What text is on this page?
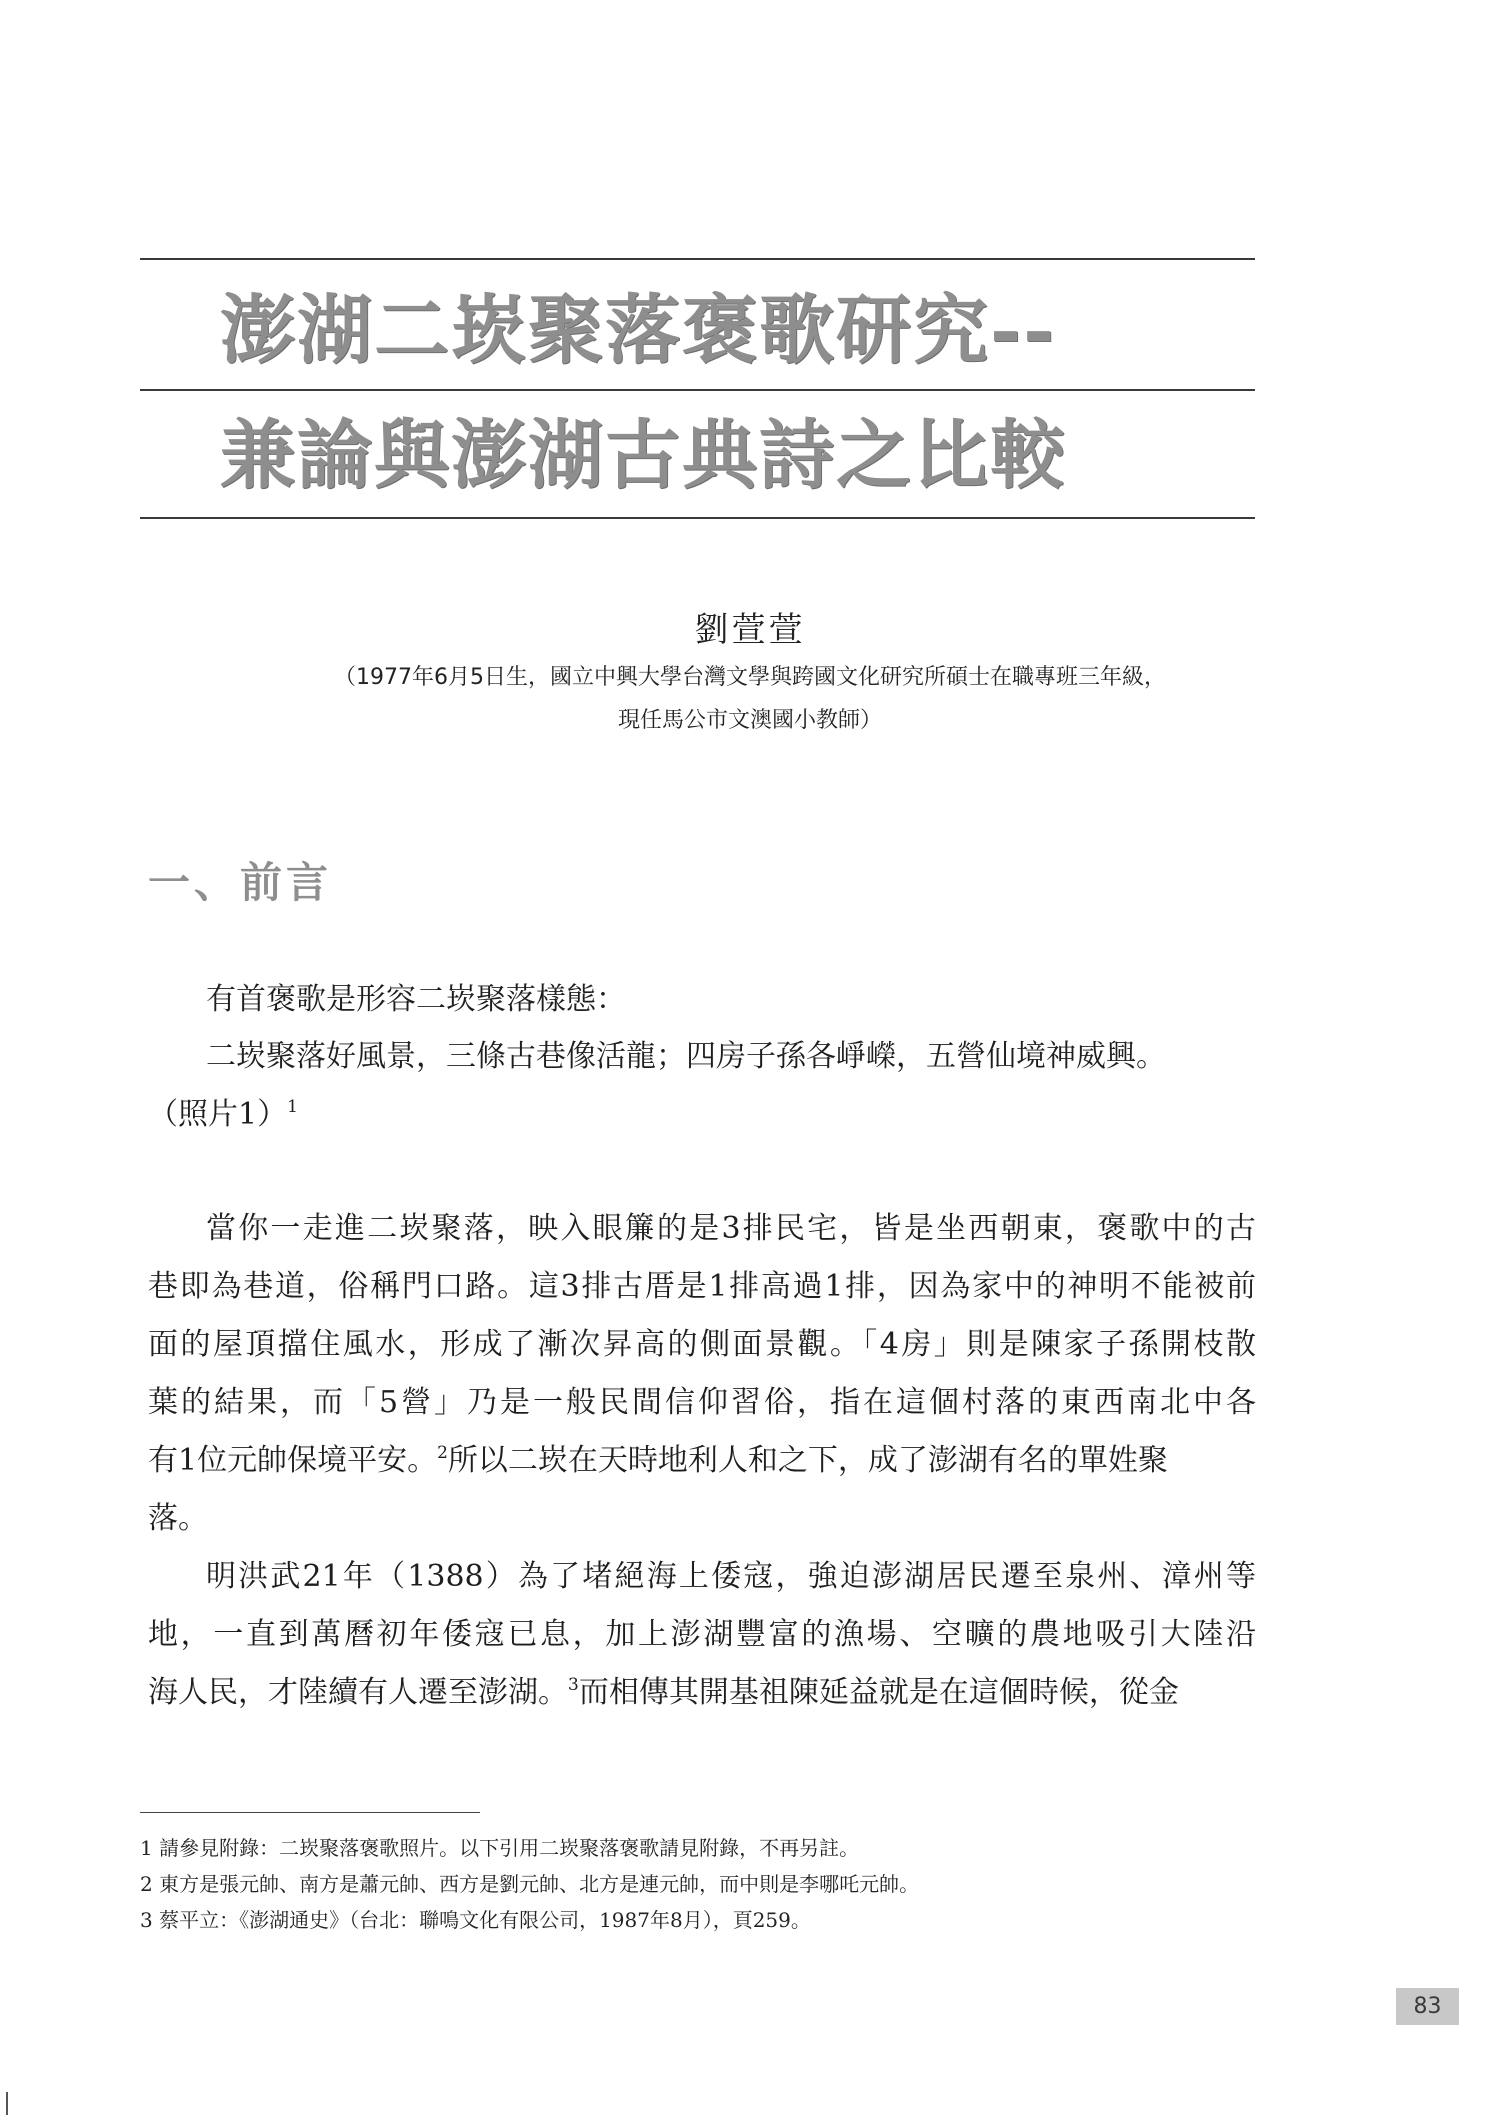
澎湖二崁聚落褒歌研究--
兼論與澎湖古典詩之比較
劉萱萱
（1977年6月5日生，國立中興大學台灣文學與跨國文化研究所碩士在職專班三年級，
現任馬公市文澳國小教師）
一、前言
有首褒歌是形容二崁聚落樣態：
二崁聚落好風景，三條古巷像活龍；四房子孫各崢嶸，五營仙境神威興。
（照片1）$^1$
當你一走進二崁聚落，映入眼簾的是3排民宅，皆是坐西朝東，褒歌中的古
巷即為巷道，俗稱門口路。這3排古厝是1排高過1排，因為家中的神明不能被前
面的屋頂擋住風水，形成了漸次昇高的側面景觀。「4房」則是陳家子孫開枝散
葉的結果，而「5營」乃是一般民間信仰習俗，指在這個村落的東西南北中各
有1位元帥保境平安。$^2$所以二崁在天時地利人和之下，成了澎湖有名的單姓聚
落。
明洪武21年（1388）為了堵絕海上倭寇，強迫澎湖居民遷至泉州、漳州等
地，一直到萬曆初年倭寇已息，加上澎湖豐富的漁場、空曠的農地吸引大陸沿
海人民，才陸續有人遷至澎湖。$^3$而相傳其開基祖陳延益就是在這個時候，從金
1 請參見附錄：二崁聚落褒歌照片。以下引用二崁聚落褒歌請見附錄，不再另註。
2 東方是張元帥、南方是蕭元帥、西方是劉元帥、北方是連元帥，而中則是李哪吒元帥。
3 蔡平立：《澎湖通史》（台北：聯鳴文化有限公司，1987年8月），頁259。
83
